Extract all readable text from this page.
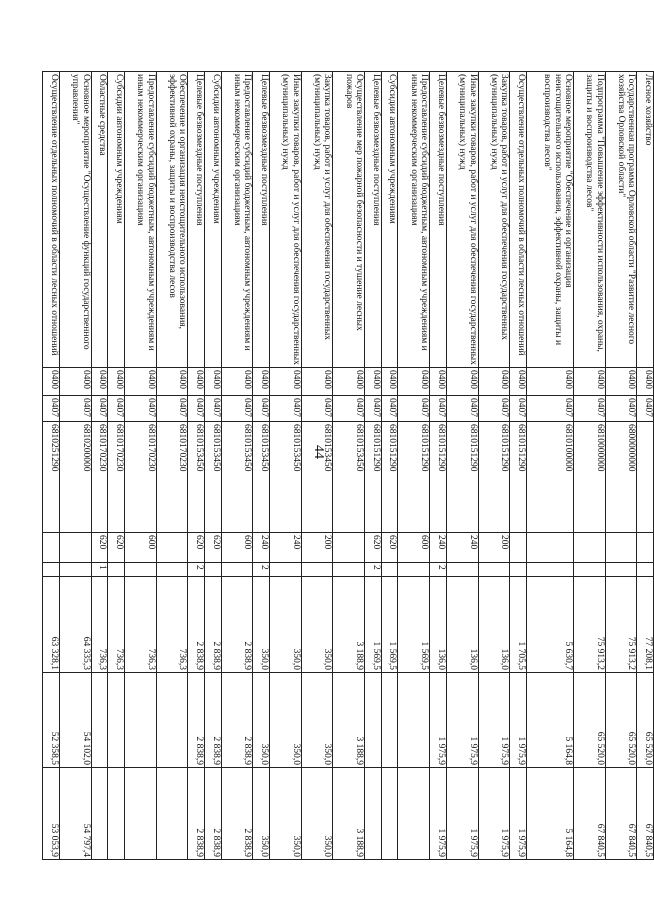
44
Лесное хозяйство	0400	0407				77 208,1	65 520,0	67 840,5
Государственная программа Орловской области "Развитие лесного хозяйства Орловской области"	0400	0407	6800000000			75 913,2	65 520,0	67 840,5
Подпрограмма "Повышение эффективности использования, охраны, защиты и воспроизводства лесов"	0400	0407	6810000000			75 913,2	65 520,0	67 840,5
Основное мероприятие "Обеспечение и организация неистощительного использования, эффективной охраны, защиты и воспроизводства лесов"	0400	0407	6810100000			5 630,7	5 164,8	5 164,8
Осуществление отдельных полномочий в области лесных отношений	0400	0407	6810151290			1 705,5	1 975,9	1 975,9
Закупка товаров, работ и услуг для обеспечения государственных (муниципальных) нужд	0400	0407	6810151290	200		136,0	1 975,9	1 975,9
Иные закупки товаров, работ и услуг для обеспечения государственных (муниципальных) нужд	0400	0407	6810151290	240		136,0	1 975,9	1 975,9
Целевые безвозмездные поступления	0400	0407	6810151290	240	2	136,0	1 975,9	1 975,9
Предоставление субсидий бюджетным, автономным учреждениям и иным некоммерческим организациям	0400	0407	6810151290	600		1 569,5		
Субсидии автономным учреждениям	0400	0407	6810151290	620		1 569,5		
Целевые безвозмездные поступления	0400	0407	6810151290	620	2	1 569,5		
Осуществление мер пожарной безопасности и тушение лесных пожаров	0400	0407	6810153450			3 188,9	3 188,9	3 188,9
Закупка товаров, работ и услуг для обеспечения государственных (муниципальных) нужд	0400	0407	6810153450	200		350,0	350,0	350,0
Иные закупки товаров, работ и услуг для обеспечения государственных (муниципальных) нужд	0400	0407	6810153450	240		350,0	350,0	350,0
Целевые безвозмездные поступления	0400	0407	6810153450	240	2	350,0	350,0	350,0
Предоставление субсидий бюджетным, автономным учреждениям и иным некоммерческим организациям	0400	0407	6810153450	600		2 838,9	2 838,9	2 838,9
Субсидии автономным учреждениям	0400	0407	6810153450	620		2 838,9	2 838,9	2 838,9
Целевые безвозмездные поступления	0400	0407	6810153450	620	2	2 838,9	2 838,9	2 838,9
Обеспечение и организация неистощительного использования, эффективной охраны, защиты и воспроизводства лесов	0400	0407	6810170230			736,3		
Предоставление субсидий бюджетным, автономным учреждениям и иным некоммерческим организациям	0400	0407	6810170230	600		736,3		
Субсидии автономным учреждениям	0400	0407	6810170230	620		736,3		
Областные средства	0400	0407	6810170230	620	1	736,3		
Основное мероприятие "Осуществление функций государственного управления"	0400	0407	6810200000			64 335,3	54 102,0	54 797,4
Осуществление отдельных полномочий в области лесных отношений	0400	0407	6810251290			63 328,1	52 358,5	53 053,9
